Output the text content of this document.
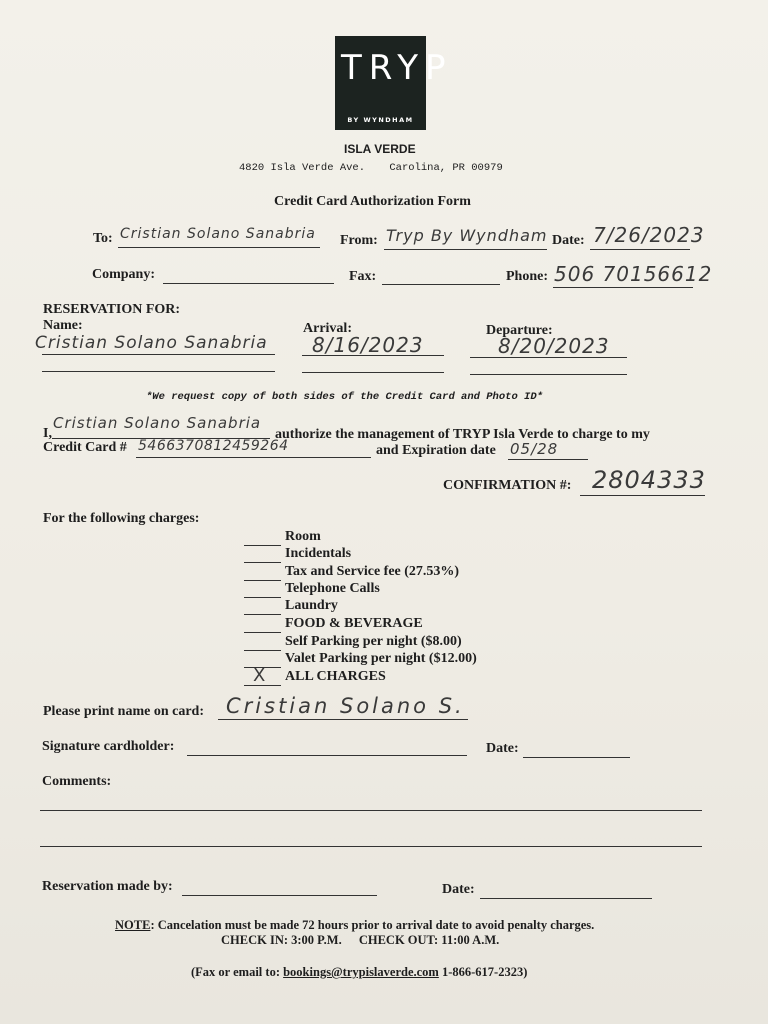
TRYP
BY WYNDHAM
ISLA VERDE
4820 Isla Verde Ave. Carolina, PR 00979
Credit Card Authorization Form
To: Cristian Solano Sanabria From: Tryp By Wyndham Date: 7/26/2023
Company:	Fax:	Phone: 506 70156612
RESERVATION FOR:
Name:
Cristian Solano Sanabria
Arrival:
8/16/2023
Departure:
8/20/2023
*We request copy of both sides of the Credit Card and Photo ID*
I,
Cristian Solano Sanabria
authorize the management of TRYP Isla Verde to charge to my
Credit Card # 5466370812459264	and Expiration date 05/28
CONFIRMATION #: 2804333
For the following charges:
Room
Incidentals
Tax and Service fee (27.53%)
Telephone Calls
Laundry
FOOD & BEVERAGE
Self Parking per night ($8.00)
Valet Parking per night ($12.00)
X ALL CHARGES
Please print name on card: Cristian Solano S.
Signature cardholder:	Date:
Comments:
Reservation made by:	Date:
NOTE: Cancelation must be made 72 hours prior to arrival date to avoid penalty charges.
CHECK IN: 3:00 P.M. CHECK OUT: 11:00 A.M.
(Fax or email to: bookings@trypislaverde.com 1-866-617-2323)
